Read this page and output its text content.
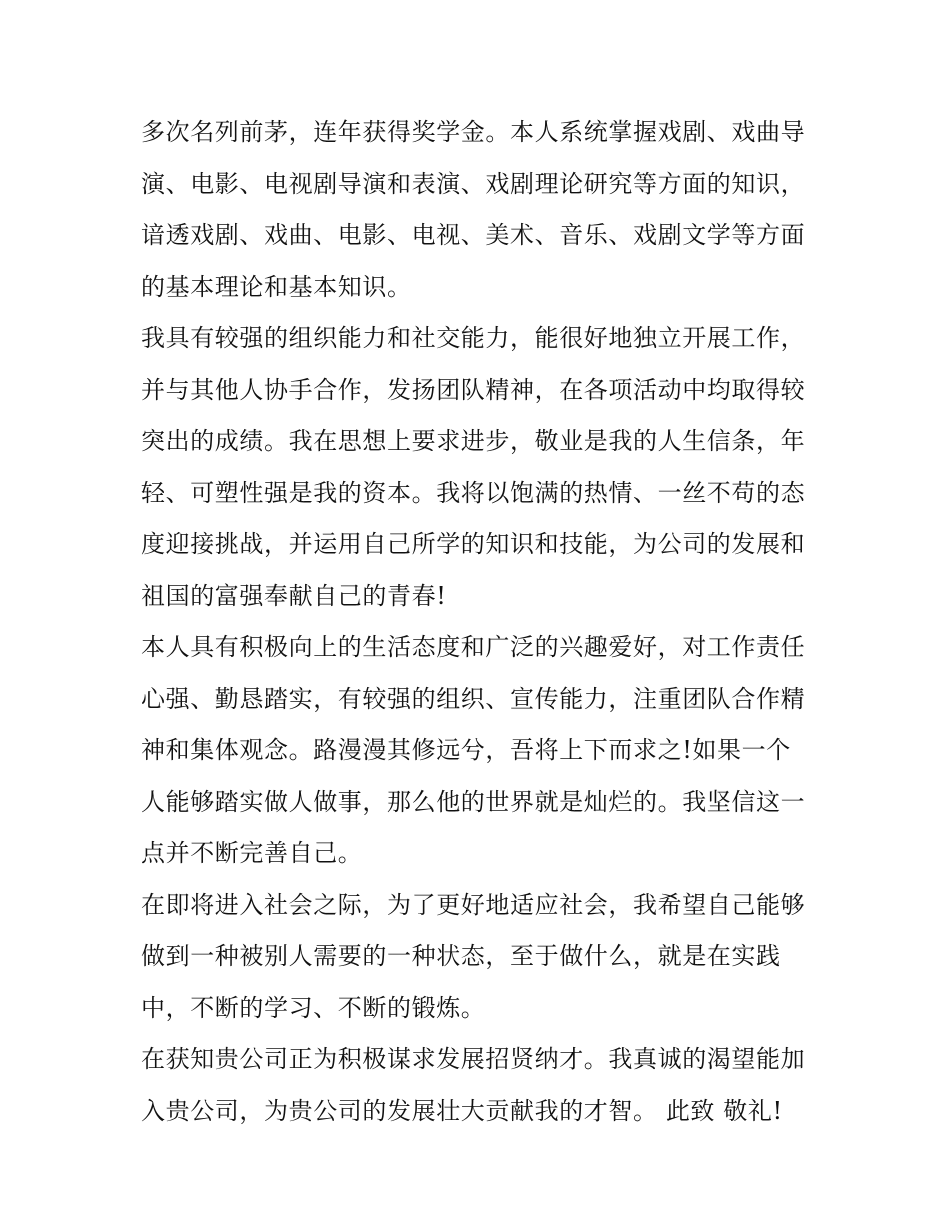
多次名列前茅，连年获得奖学金。本人系统掌握戏剧、戏曲导
演、电影、电视剧导演和表演、戏剧理论研究等方面的知识，
谙透戏剧、戏曲、电影、电视、美术、音乐、戏剧文学等方面
的基本理论和基本知识。
我具有较强的组织能力和社交能力，能很好地独立开展工作，
并与其他人协手合作，发扬团队精神，在各项活动中均取得较
突出的成绩。我在思想上要求进步，敬业是我的人生信条，年
轻、可塑性强是我的资本。我将以饱满的热情、一丝不苟的态
度迎接挑战，并运用自己所学的知识和技能，为公司的发展和
祖国的富强奉献自己的青春!
本人具有积极向上的生活态度和广泛的兴趣爱好，对工作责任
心强、勤恳踏实，有较强的组织、宣传能力，注重团队合作精
神和集体观念。路漫漫其修远兮，吾将上下而求之!如果一个
人能够踏实做人做事，那么他的世界就是灿烂的。我坚信这一
点并不断完善自己。
在即将进入社会之际，为了更好地适应社会，我希望自己能够
做到一种被别人需要的一种状态，至于做什么，就是在实践
中，不断的学习、不断的锻炼。
在获知贵公司正为积极谋求发展招贤纳才。我真诚的渴望能加
入贵公司，为贵公司的发展壮大贡献我的才智。 此致 敬礼!
